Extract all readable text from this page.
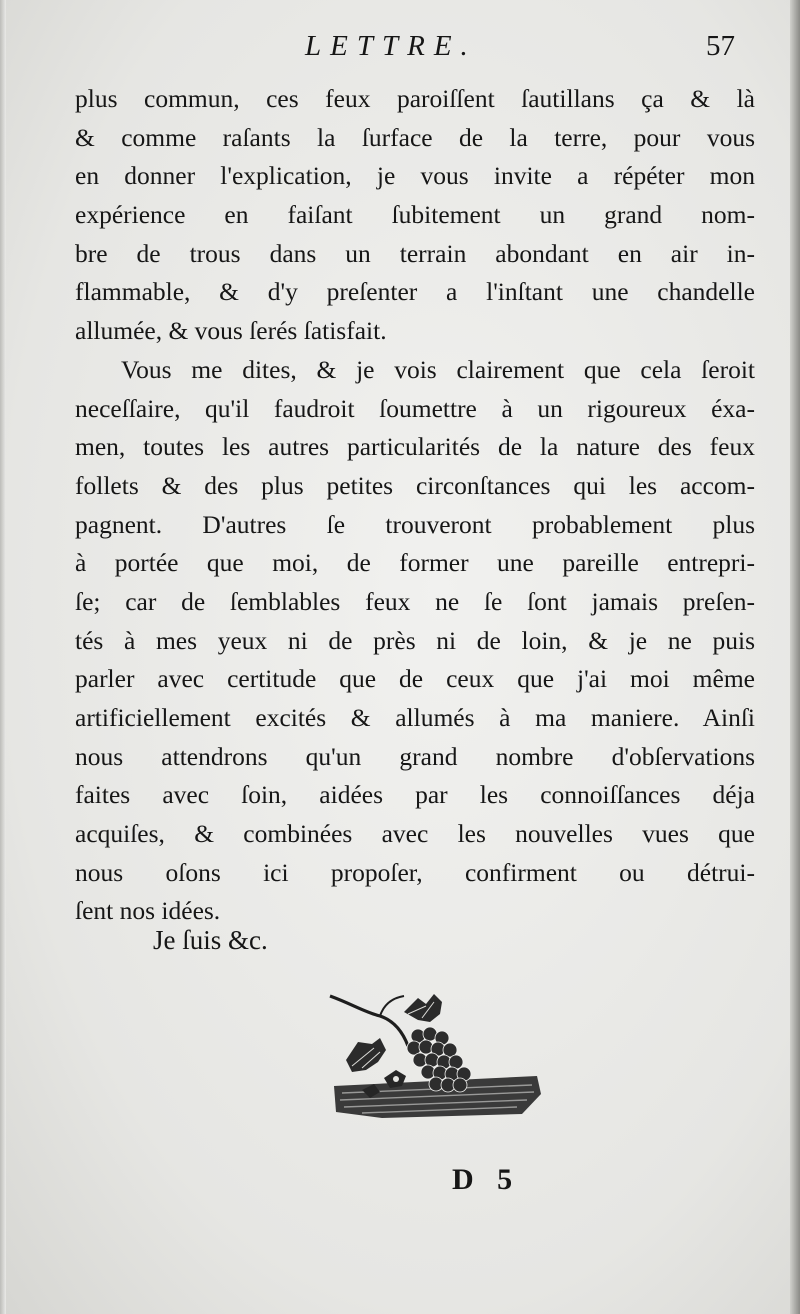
LETTRE.	57
plus commun, ces feux paroiſſent ſautillans ça & là
& comme raſants la ſurface de la terre, pour vous
en donner l'explication, je vous invite a répéter mon
expérience en faiſant ſubitement un grand nom-
bre de trous dans un terrain abondant en air in-
flammable, & d'y preſenter a l'inſtant une chandelle
allumée, & vous ſerés ſatisfait.
Vous me dites, & je vois clairement que cela ſeroit
neceſſaire, qu'il faudroit ſoumettre à un rigoureux éxa-
men, toutes les autres particularités de la nature des feux
follets & des plus petites circonſtances qui les accom-
pagnent. D'autres ſe trouveront probablement plus
à portée que moi, de former une pareille entrepri-
ſe; car de ſemblables feux ne ſe ſont jamais preſen-
tés à mes yeux ni de près ni de loin, & je ne puis
parler avec certitude que de ceux que j'ai moi même
artificiellement excités & allumés à ma maniere. Ainſi
nous attendrons qu'un grand nombre d'obſervations
faites avec ſoin, aidées par les connoiſſances déja
acquiſes, & combinées avec les nouvelles vues que
nous oſons ici propoſer, confirment ou détrui-
ſent nos idées.
Je ſuis &c.
D 5
